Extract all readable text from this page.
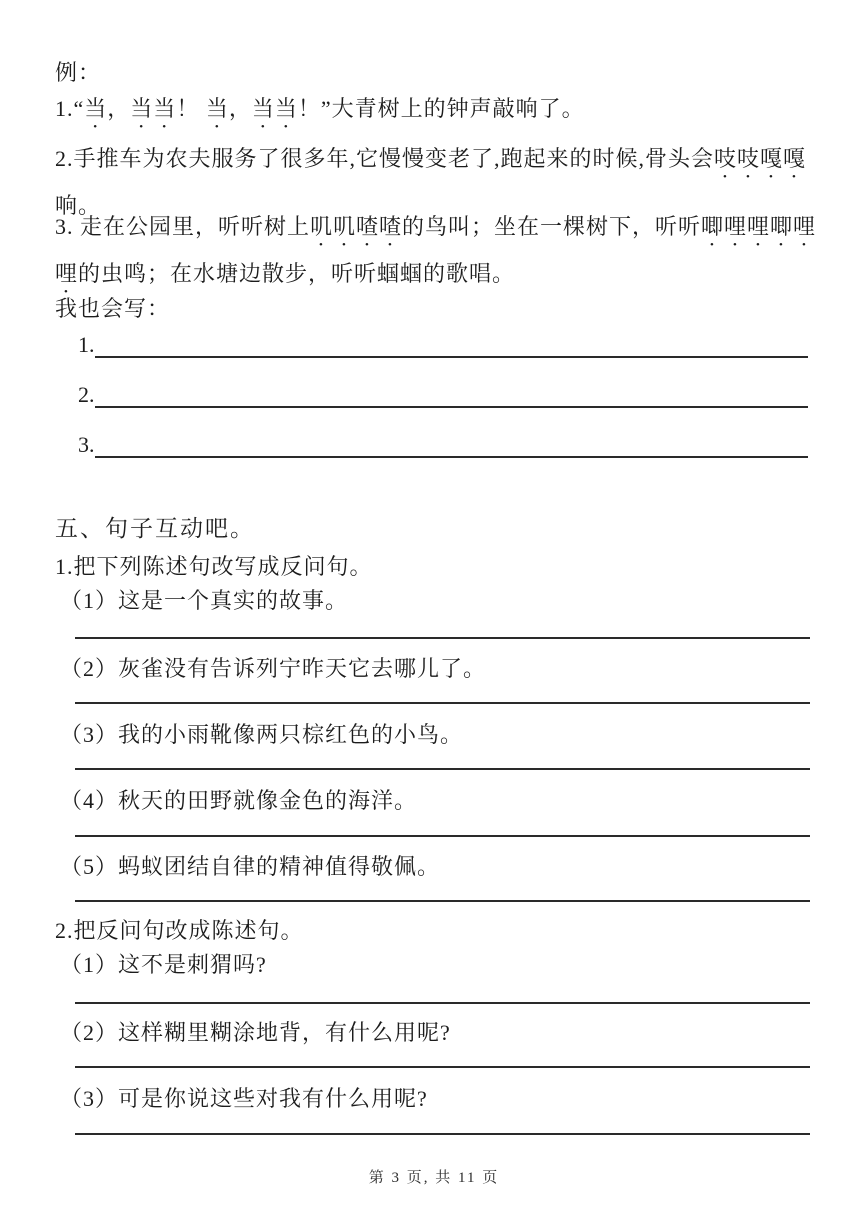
例：
1.“当，当当！ 当，当当！”大青树上的钟声敲响了。
2.手推车为农夫服务了很多年,它慢慢变老了,跑起来的时候,骨头会吱吱嘎嘎响。
3. 走在公园里，听听树上叽叽喳喳的鸟叫；坐在一棵树下，听听唧哩哩唧哩哩的虫鸣；在水塘边散步，听听蝈蝈的歌唱。
我也会写：
1.
2.
3.
五、句子互动吧。
1.把下列陈述句改写成反问句。
（1）这是一个真实的故事。
（2）灰雀没有告诉列宁昨天它去哪儿了。
（3）我的小雨靴像两只棕红色的小鸟。
（4）秋天的田野就像金色的海洋。
（5）蚂蚁团结自律的精神值得敬佩。
2.把反问句改成陈述句。
（1）这不是刺猬吗?
（2）这样糊里糊涂地背，有什么用呢?
（3）可是你说这些对我有什么用呢?
第 3 页, 共 11 页
